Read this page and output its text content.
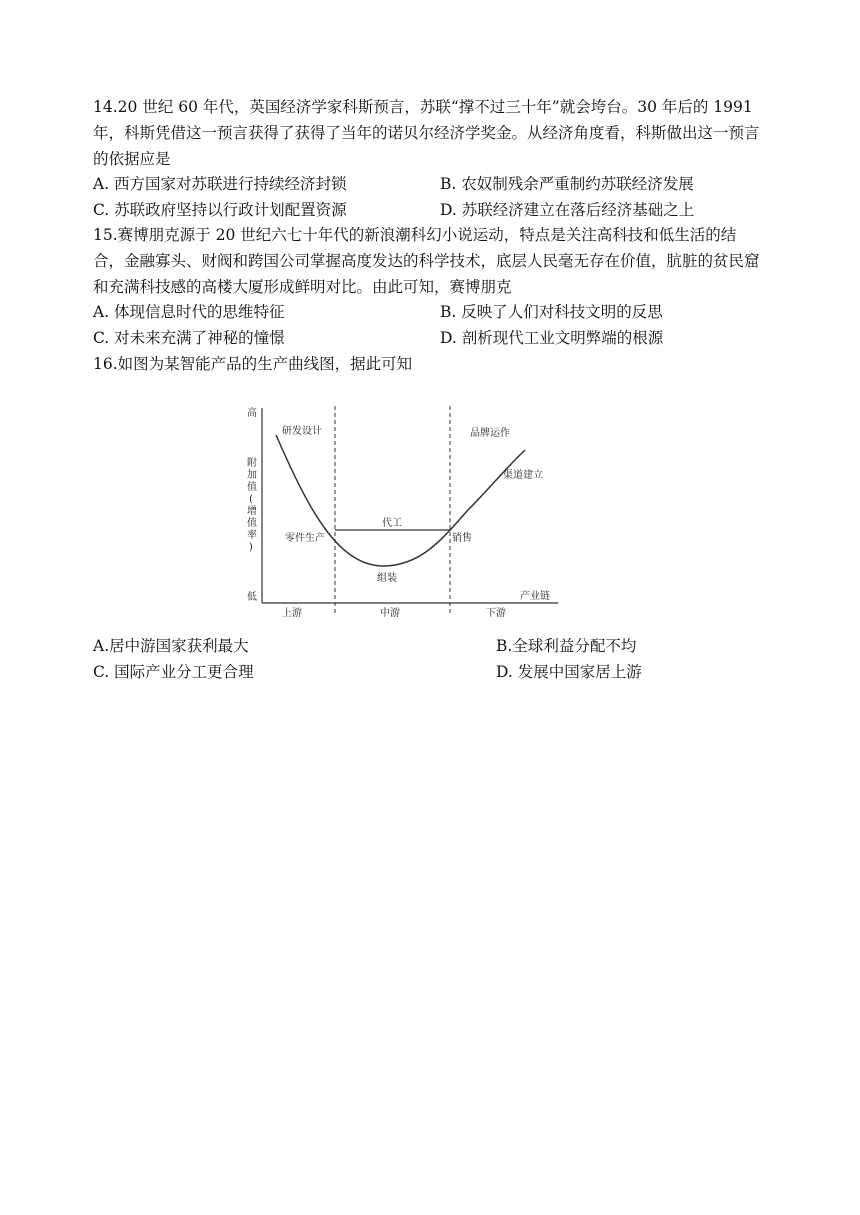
14.20 世纪 60 年代，英国经济学家科斯预言，苏联“撑不过三十年”就会垮台。30 年后的 1991 年，科斯凭借这一预言获得了获得了当年的诺贝尔经济学奖金。从经济角度看，科斯做出这一预言的依据应是

A. 西方国家对苏联进行持续经济封锁	B. 农奴制残余严重制约苏联经济发展
C. 苏联政府坚持以行政计划配置资源	D. 苏联经济建立在落后经济基础之上

15.赛博朋克源于 20 世纪六七十年代的新浪潮科幻小说运动，特点是关注高科技和低生活的结合，金融寡头、财阀和跨国公司掌握高度发达的科学技术，底层人民毫无存在价值，肮脏的贫民窟和充满科技感的高楼大厦形成鲜明对比。由此可知，赛博朋克

A. 体现信息时代的思维特征	B. 反映了人们对科技文明的反思
C. 对未来充满了神秘的憧憬	D. 剖析现代工业文明弊端的根源
16.如图为某智能产品的生产曲线图，据此可知
高
附
加
值
(
增
值
率
)
低	产业链
上游	中游	下游
研发设计	品牌运作
渠道建立
代工
零件生产	销售
组装
A.居中游国家获利最大	B.全球利益分配不均
C. 国际产业分工更合理	D. 发展中国家居上游
